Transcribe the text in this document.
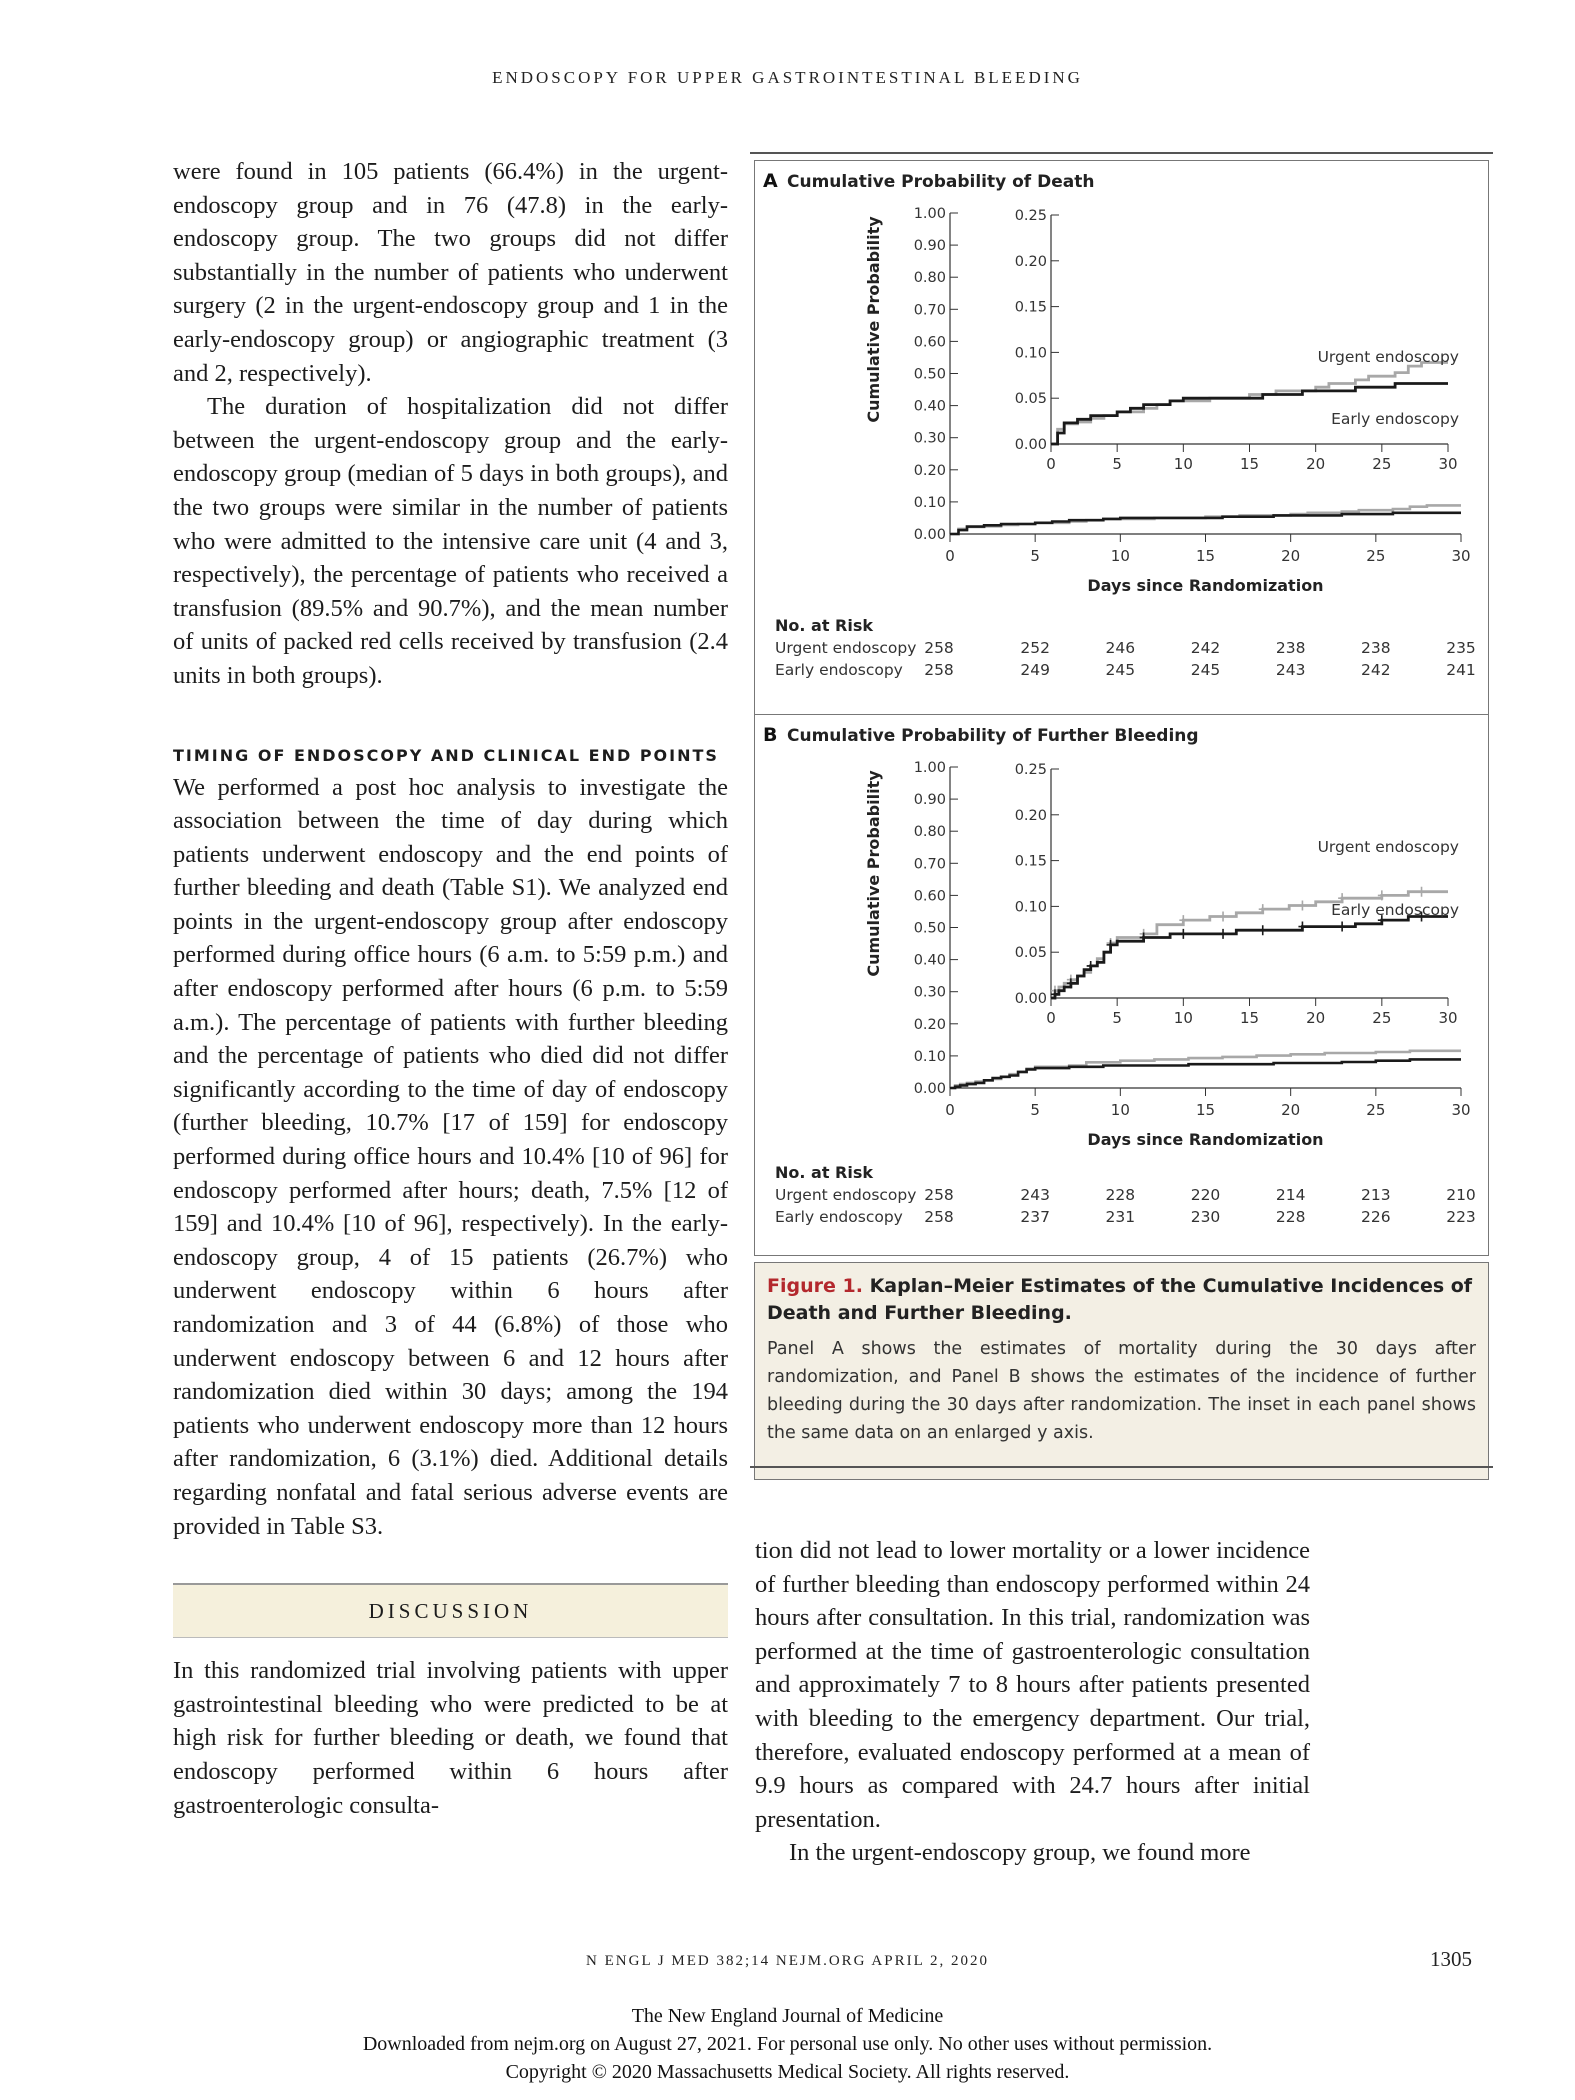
ENDOSCOPY FOR UPPER GASTROINTESTINAL BLEEDING

were found in 105 patients (66.4%) in the urgent-endoscopy group and in 76 (47.8) in the early-endoscopy group. The two groups did not differ substantially in the number of patients who underwent surgery (2 in the urgent-endoscopy group and 1 in the early-endoscopy group) or angiographic treatment (3 and 2, respectively).

The duration of hospitalization did not differ between the urgent-endoscopy group and the early-endoscopy group (median of 5 days in both groups), and the two groups were similar in the number of patients who were admitted to the intensive care unit (4 and 3, respectively), the percentage of patients who received a transfusion (89.5% and 90.7%), and the mean number of units of packed red cells received by transfusion (2.4 units in both groups).

TIMING OF ENDOSCOPY AND CLINICAL END POINTS

We performed a post hoc analysis to investigate the association between the time of day during which patients underwent endoscopy and the end points of further bleeding and death (Table S1). We analyzed end points in the urgent-endoscopy group after endoscopy performed during office hours (6 a.m. to 5:59 p.m.) and after endoscopy performed after hours (6 p.m. to 5:59 a.m.). The percentage of patients with further bleeding and the percentage of patients who died did not differ significantly according to the time of day of endoscopy (further bleeding, 10.7% [17 of 159] for endoscopy performed during office hours and 10.4% [10 of 96] for endoscopy performed after hours; death, 7.5% [12 of 159] and 10.4% [10 of 96], respectively). In the early-endoscopy group, 4 of 15 patients (26.7%) who underwent endoscopy within 6 hours after randomization and 3 of 44 (6.8%) of those who underwent endoscopy between 6 and 12 hours after randomization died within 30 days; among the 194 patients who underwent endoscopy more than 12 hours after randomization, 6 (3.1%) died. Additional details regarding nonfatal and fatal serious adverse events are provided in Table S3.

DISCUSSION

In this randomized trial involving patients with upper gastrointestinal bleeding who were predicted to be at high risk for further bleeding or death, we found that endoscopy performed within 6 hours after gastroenterologic consulta-

A Cumulative Probability of Death
0.00
0.10
0.20
0.30
0.40
0.50
0.60
0.70
0.80
0.90
1.00
0	5	10	15	20	25	30
Days since Randomization
Cumulative Probability
0.00
0.05
0.10
0.15
0.20
0.25
0	5	10	15	20	25	30
Urgent endoscopy
Early endoscopy
No. at Risk
Urgent endoscopy 258	252	246	242	238	238	235
Early endoscopy 258	249	245	245	243	242	241
B Cumulative Probability of Further Bleeding
0.00
0.10
0.20
0.30
0.40
0.50
0.60
0.70
0.80
0.90
1.00
0	5	10	15	20	25	30
Days since Randomization
Cumulative Probability
0.00
0.05
0.10
0.15
0.20
0.25
0	5	10	15	20	25	30
Urgent endoscopy
Early endoscopy
No. at Risk
Urgent endoscopy 258	243	228	220	214	213	210
Early endoscopy 258	237	231	230	228	226	223
Figure 1. Kaplan–Meier Estimates of the Cumulative Incidences of Death and Further Bleeding.
Panel A shows the estimates of mortality during the 30 days after randomization, and Panel B shows the estimates of the incidence of further bleeding during the 30 days after randomization. The inset in each panel shows the same data on an enlarged y axis.

tion did not lead to lower mortality or a lower incidence of further bleeding than endoscopy performed within 24 hours after consultation. In this trial, randomization was performed at the time of gastroenterologic consultation and approximately 7 to 8 hours after patients presented with bleeding to the emergency department. Our trial, therefore, evaluated endoscopy performed at a mean of 9.9 hours as compared with 24.7 hours after initial presentation.

In the urgent-endoscopy group, we found more

N ENGL J MED 382;14 NEJM.ORG APRIL 2, 2020	1305
The New England Journal of Medicine
Downloaded from nejm.org on August 27, 2021. For personal use only. No other uses without permission.
Copyright © 2020 Massachusetts Medical Society. All rights reserved.
